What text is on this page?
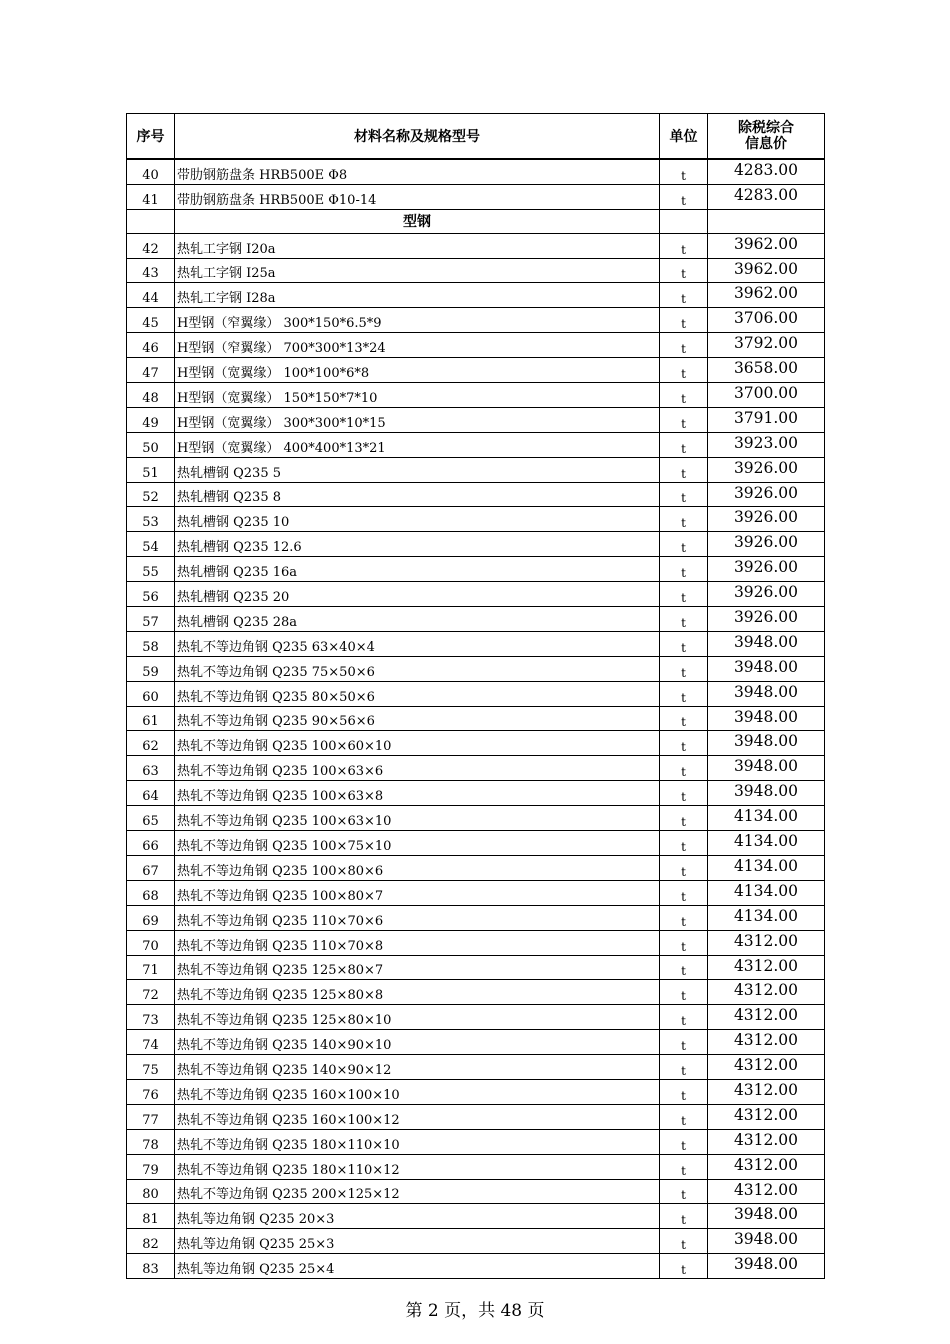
序号	材料名称及规格型号	单位	除税综合
信息价

40	带肋钢筋盘条 HRB500E Φ8	t	4283.00
41	带肋钢筋盘条 HRB500E Φ10-14	t	4283.00
	型钢		
42	热轧工字钢 I20a	t	3962.00
43	热轧工字钢 I25a	t	3962.00
44	热轧工字钢 I28a	t	3962.00
45	H型钢（窄翼缘） 300*150*6.5*9	t	3706.00
46	H型钢（窄翼缘） 700*300*13*24	t	3792.00
47	H型钢（宽翼缘） 100*100*6*8	t	3658.00
48	H型钢（宽翼缘） 150*150*7*10	t	3700.00
49	H型钢（宽翼缘） 300*300*10*15	t	3791.00
50	H型钢（宽翼缘） 400*400*13*21	t	3923.00
51	热轧槽钢 Q235 5	t	3926.00
52	热轧槽钢 Q235 8	t	3926.00
53	热轧槽钢 Q235 10	t	3926.00
54	热轧槽钢 Q235 12.6	t	3926.00
55	热轧槽钢 Q235 16a	t	3926.00
56	热轧槽钢 Q235 20	t	3926.00
57	热轧槽钢 Q235 28a	t	3926.00
58	热轧不等边角钢 Q235 63×40×4	t	3948.00
59	热轧不等边角钢 Q235 75×50×6	t	3948.00
60	热轧不等边角钢 Q235 80×50×6	t	3948.00
61	热轧不等边角钢 Q235 90×56×6	t	3948.00
62	热轧不等边角钢 Q235 100×60×10	t	3948.00
63	热轧不等边角钢 Q235 100×63×6	t	3948.00
64	热轧不等边角钢 Q235 100×63×8	t	3948.00
65	热轧不等边角钢 Q235 100×63×10	t	4134.00
66	热轧不等边角钢 Q235 100×75×10	t	4134.00
67	热轧不等边角钢 Q235 100×80×6	t	4134.00
68	热轧不等边角钢 Q235 100×80×7	t	4134.00
69	热轧不等边角钢 Q235 110×70×6	t	4134.00
70	热轧不等边角钢 Q235 110×70×8	t	4312.00
71	热轧不等边角钢 Q235 125×80×7	t	4312.00
72	热轧不等边角钢 Q235 125×80×8	t	4312.00
73	热轧不等边角钢 Q235 125×80×10	t	4312.00
74	热轧不等边角钢 Q235 140×90×10	t	4312.00
75	热轧不等边角钢 Q235 140×90×12	t	4312.00
76	热轧不等边角钢 Q235 160×100×10	t	4312.00
77	热轧不等边角钢 Q235 160×100×12	t	4312.00
78	热轧不等边角钢 Q235 180×110×10	t	4312.00
79	热轧不等边角钢 Q235 180×110×12	t	4312.00
80	热轧不等边角钢 Q235 200×125×12	t	4312.00
81	热轧等边角钢 Q235 20×3	t	3948.00
82	热轧等边角钢 Q235 25×3	t	3948.00
83	热轧等边角钢 Q235 25×4	t	3948.00
第 2 页，共 48 页
